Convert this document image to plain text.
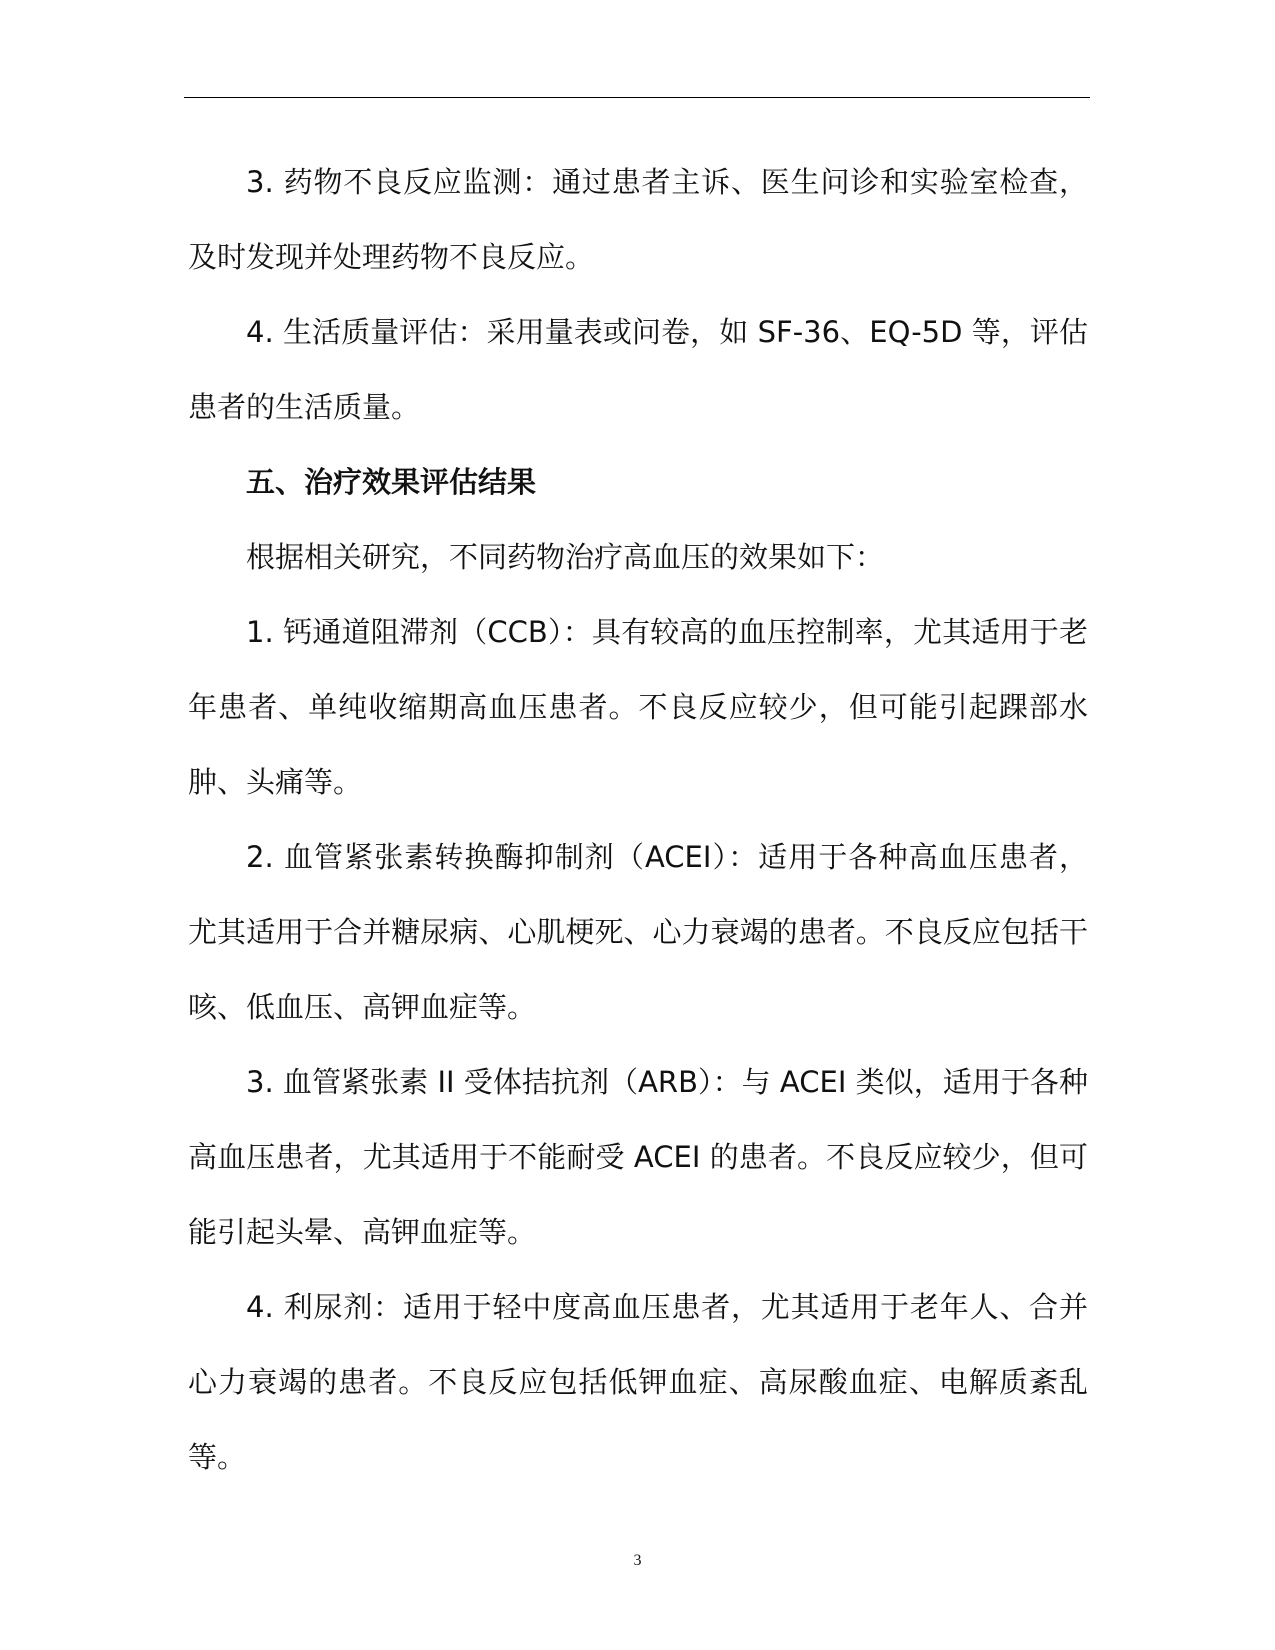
3. 药物不良反应监测：通过患者主诉、医生问诊和实验室检查，及时发现并处理药物不良反应。

4. 生活质量评估：采用量表或问卷，如 SF-36、EQ-5D 等，评估患者的生活质量。

五、治疗效果评估结果

根据相关研究，不同药物治疗高血压的效果如下：

1. 钙通道阻滞剂（CCB）：具有较高的血压控制率，尤其适用于老年患者、单纯收缩期高血压患者。不良反应较少，但可能引起踝部水肿、头痛等。

2. 血管紧张素转换酶抑制剂（ACEI）：适用于各种高血压患者，尤其适用于合并糖尿病、心肌梗死、心力衰竭的患者。不良反应包括干咳、低血压、高钾血症等。

3. 血管紧张素 II 受体拮抗剂（ARB）：与 ACEI 类似，适用于各种高血压患者，尤其适用于不能耐受 ACEI 的患者。不良反应较少，但可能引起头晕、高钾血症等。

4. 利尿剂：适用于轻中度高血压患者，尤其适用于老年人、合并心力衰竭的患者。不良反应包括低钾血症、高尿酸血症、电解质紊乱等。

3
